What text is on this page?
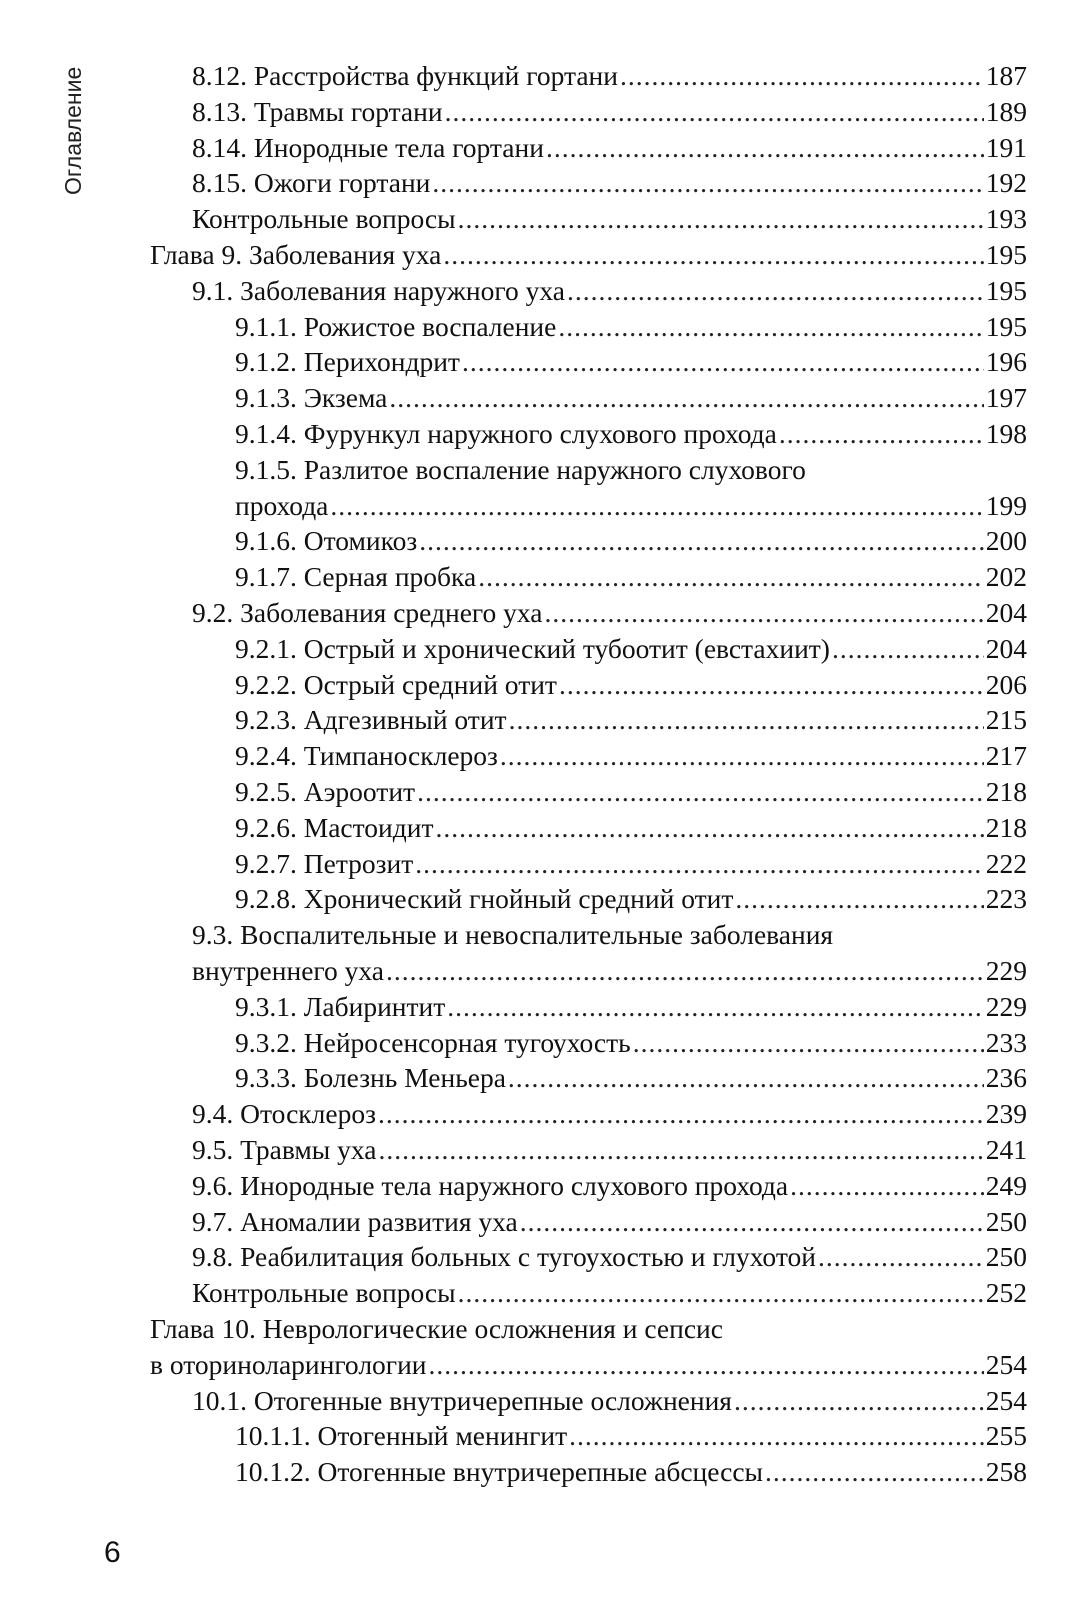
Оглавление	8.12. Расстройства функций гортани .....	187
8.13. Травмы гортани .....	189
8.14. Инородные тела гортани .....	191
8.15. Ожоги гортани .....	192
Контрольные вопросы .....	193
Глава 9. Заболевания уха .....	195
9.1. Заболевания наружного уха .....	195
9.1.1. Рожистое воспаление .....	195
9.1.2. Перихондрит .....	196
9.1.3. Экзема .....	197
9.1.4. Фурункул наружного слухового прохода .....	198
9.1.5. Разлитое воспаление наружного слухового
прохода .....	199
9.1.6. Отомикоз .....	200
9.1.7. Серная пробка .....	202
9.2. Заболевания среднего уха .....	204
9.2.1. Острый и хронический тубоотит (евстахиит) .....	204
9.2.2. Острый средний отит .....	206
9.2.3. Адгезивный отит .....	215
9.2.4. Тимпаносклероз .....	217
9.2.5. Аэроотит .....	218
9.2.6. Мастоидит .....	218
9.2.7. Петрозит .....	222
9.2.8. Хронический гнойный средний отит .....	223
9.3. Воспалительные и невоспалительные заболевания
внутреннего уха .....	229
9.3.1. Лабиринтит .....	229
9.3.2. Нейросенсорная тугоухость .....	233
9.3.3. Болезнь Меньера .....	236
9.4. Отосклероз .....	239
9.5. Травмы уха .....	241
9.6. Инородные тела наружного слухового прохода .....	249
9.7. Аномалии развития уха .....	250
9.8. Реабилитация больных с тугоухостью и глухотой .....	250
Контрольные вопросы .....	252
Глава 10. Неврологические осложнения и сепсис
в оториноларингологии .....	254
10.1. Отогенные внутричерепные осложнения .....	254
10.1.1. Отогенный менингит .....	255
10.1.2. Отогенные внутричерепные абсцессы .....	258
6
